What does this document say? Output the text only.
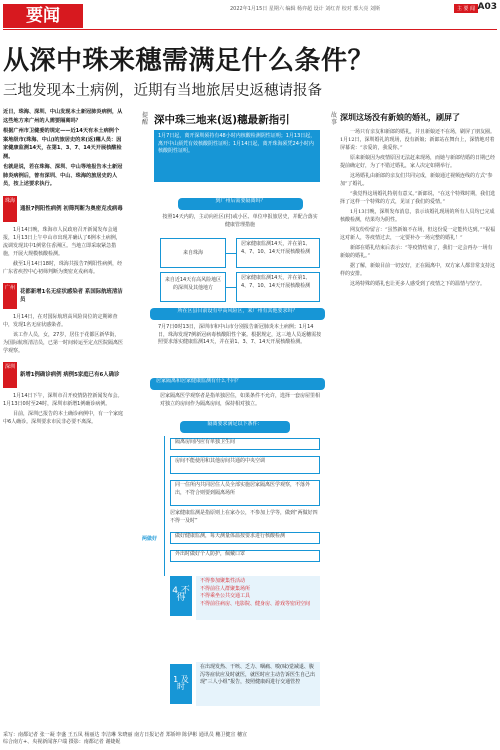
要闻	2022年1月15日 星期六 编辑 杨弈超 设计 刘红青 校对 邢大亮 刘斯	主 要 闻 A03
从深中珠来穗需满足什么条件？
三地发现本土病例，近期有当地旅居史返穗请报备
近日，珠海、深圳、中山发现本土新冠肺炎病例，从这些地方来广州的人需要隔离吗？
根据广州市卫健委的规定——近14天有本土病例个案地级市(珠海、中山)的旅居史的来(返)穗人员：因家健康监测14天，在第1、3、7、14天开展核酸检测。
也就是说，若在珠海、深圳、中山等地报告本土新冠肺炎病例后，曾有深圳、中山、珠海的旅居史的人员，按上述要求执行。
珠海
通报7例阳性病例 初筛判断为奥密克戎病毒

1月14日晚，珠海市人民政府召开新闻发布会通报，1月13日上午中山市出现并确认了6例本土病例，流调发现其中1例常住香洲区。当地立即采取紧急措施，开展大规模核酸检测。

截至1月14日18时，珠海共报告7例阳性病例，经广东省疾控中心初筛判断为奥密克戎病毒。

广州
花都新增1名无症状感染者 系国际航班清洁员

1月14日，在对国际航班高风险岗位的定期筛查中，发现1名无症状感染者。

该工作人员，女，27岁，居住于花都区新华街，为国际航班清洁员，已第一时间转运至定点医院隔离医学观察。

深圳
新增1例确诊病例 病例5家庭已有6人确诊

1月14日下午，深圳市召开疫情防控新闻发布会。1月13日0时至24时，深圳市新增1例确诊病例。

目前，深圳已报告的本土确诊病例中，有一个家庭中6人确诊。深圳要求市民非必要不离深。

提醒 深中珠三地来(返)穗最新指引
1月7日起，离开深圳须持有48小时内核酸检测阴性证明；1月13日起，离开中山须凭有效核酸阴性证明；1月14日起，离开珠海须凭24小时内核酸阴性证明。
到广州后需要隔离吗？
按照14天内的，主动向社区(村)或小区、单位申报旅居史，并配合落实健康管理措施
来自珠海
居家健康监测14天，并在第1、4、7、10、14天开展核酸检测
来自近14天有高风险地区的深圳及其他地方
居家健康监测14天，并在第1、4、7、10、14天开展核酸检测
所在区县目前设有中高风险区，来广州有其他要求吗？
7月7日0时13日，深圳市和中山市分别报告新冠肺炎本土病例；1月14日，珠海发现7例新冠病毒核酸阳性个案。根据规定，这三地人员返穗需按照要求落实健康监测14天，并在第1、3、7、14天开展核酸检测。
居家隔离和居家健康监测有什么不同？
居家隔离医学观察者是指单独居住，如果条件不允许，选择一套房屋里相对独立的房间作为隔离房间，保持相对独立。
隔离要求满足以下条件：
隔离房间内应有单独卫生间
房间不能使用和其他房间共通的中央空调
同一住所内共同居住人员全部实施居家隔离医学观察，不落外出，不符合则要到隔离场所
居家健康监测是指原则上在家办公，不参加上学等，做到“两做好四不得一及时”
两做好	做好健康监测，每天测量体温按要求进行核酸检测
外出时做好个人防护，佩戴口罩
4 不得
不得参加聚集性活动
不得前往人群聚集场所
不得乘坐公共交通工具
不得前往病房、电影院、健身房、游戏等密闭空间
1 及时
在出现发热、干咳、乏力、咽痛、嗅(味)觉减退、腹泻等症状应及时就医，就医时应主动告诉医生自己出现“三人小组”报告，按照健康码进行交通管控
故事
深圳这场没有新娘的婚礼，刷屏了

一场只有亲友和新郎的婚礼，并且新娘还不在场，刷屏了朋友圈。1月12日，深圳婚礼的现场，没有新娘；新郎站在舞台上，深情地对着屏幕说：“亲爱的，我爱你。”

原来新娘因为疫情原因无法赶来现场，而她与新郎结婚的日期已经提前确定好，为了不错过婚礼，家人决定如期举行。

这场婚礼由新郎的亲友们共同完成，新娘通过视频连线的方式“参加”了婚礼。

“我觉得这场婚礼特别有意义。”新郎说，“在这个特殊时期，我们选择了这样一个特殊的方式，见证了我们的爱情。”

1月13日晚，深圳发布消息，表示该婚礼现场的所有人员均已完成核酸检测，结果均为阴性。

网友纷纷留言：“虽然新娘不在场，但这份爱一定能传达到。”“祝福这对新人，等疫情过去，一定要补办一场完整的婚礼！”

新郎在婚礼结束后表示：“等疫情结束了，我们一定会再办一场有新娘的婚礼。”

据了解，新娘目前一切安好，正在隔离中，双方家人都非常支持这样的安排。

这场特殊的婚礼也让更多人感受到了疫情之下的温情与坚守。

采写：南都记者 张一凝 李盛 王五凤 杨丽达 李洁琳 朱晓丽 南方日报记者 郑娇坤 陈伊彬 通讯员 穗卫健宣 穗宣
综合南方+、央视新闻客户端 摄影：南都记者 谢婕妮
